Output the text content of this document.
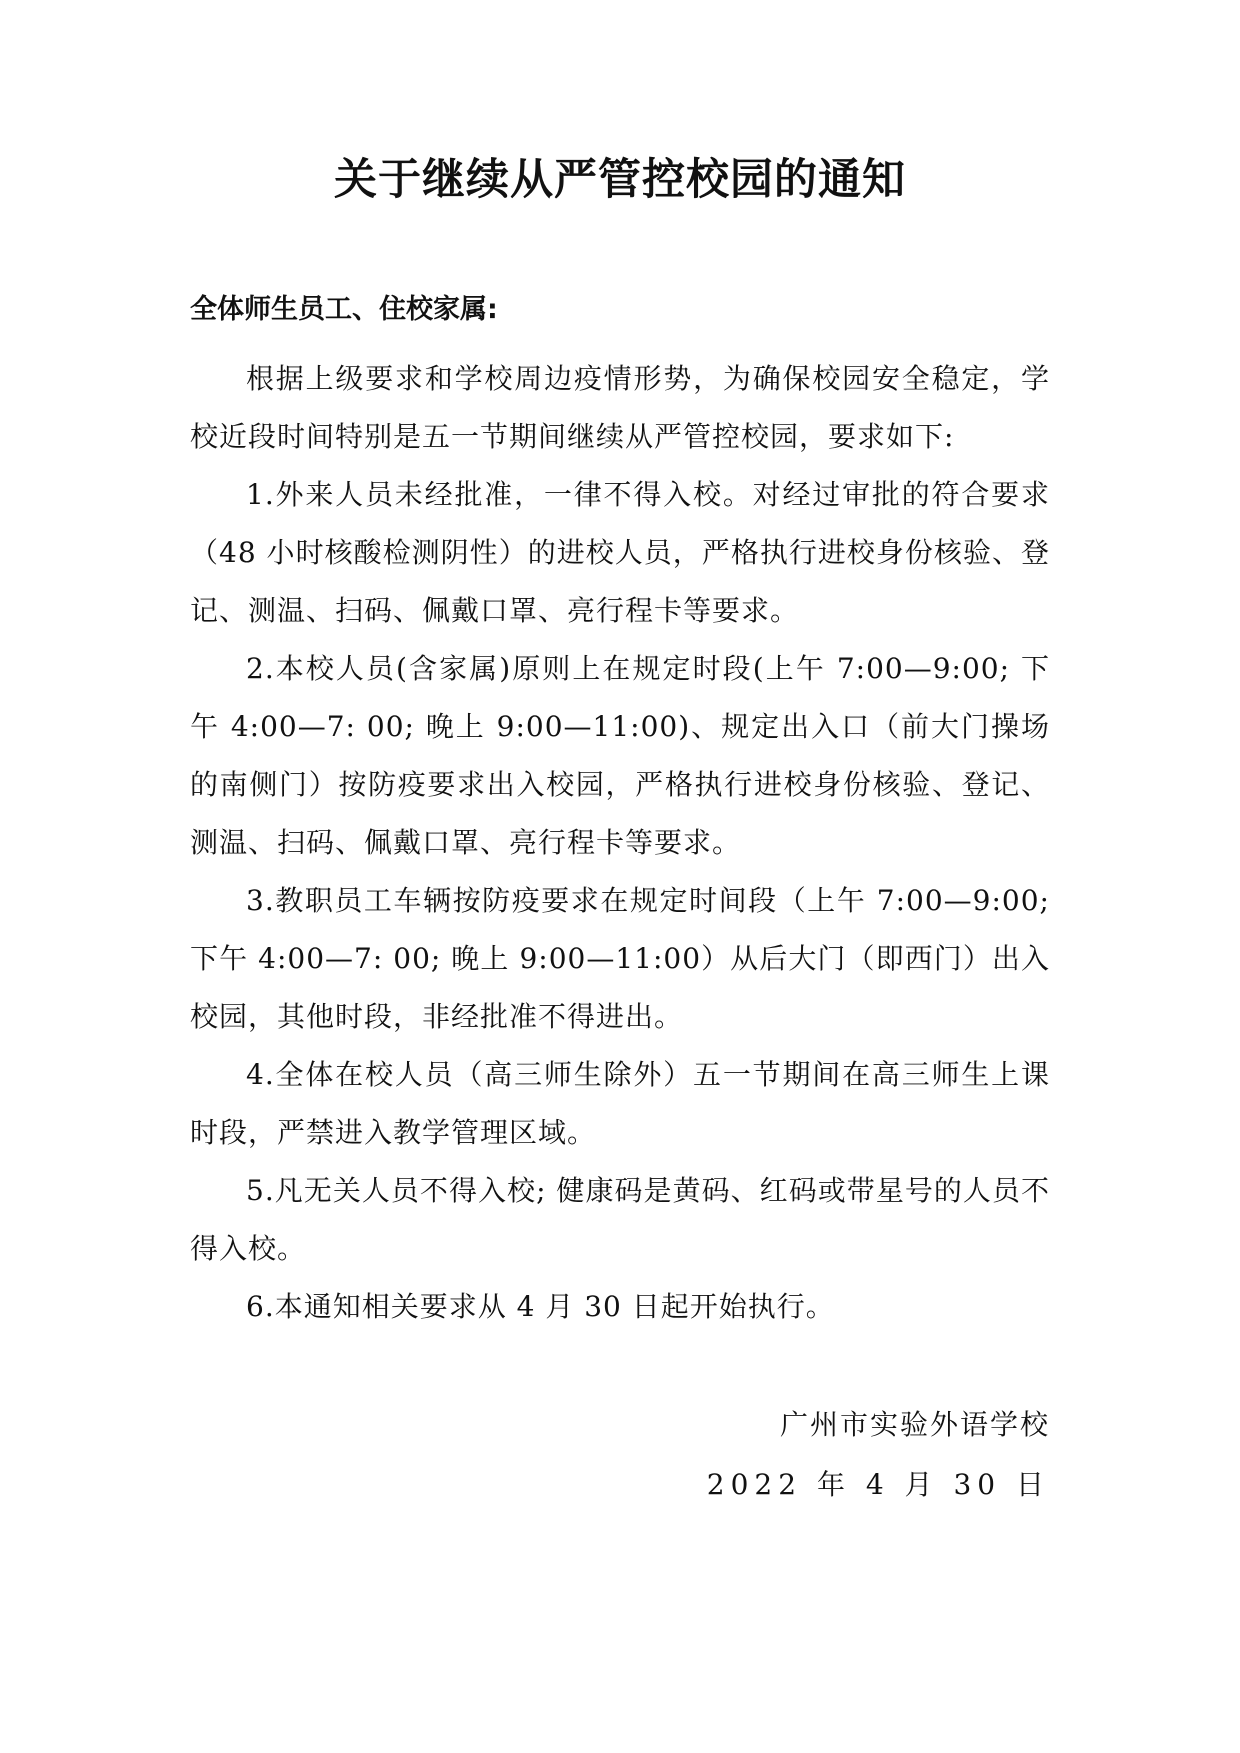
关于继续从严管控校园的通知

全体师生员工、住校家属:

根据上级要求和学校周边疫情形势，为确保校园安全稳定，学校近段时间特别是五一节期间继续从严管控校园，要求如下:

1.外来人员未经批准，一律不得入校。对经过审批的符合要求（48 小时核酸检测阴性）的进校人员，严格执行进校身份核验、登记、测温、扫码、佩戴口罩、亮行程卡等要求。

2.本校人员(含家属)原则上在规定时段(上午 7:00—9:00; 下午 4:00—7: 00; 晚上 9:00—11:00)、规定出入口（前大门操场的南侧门）按防疫要求出入校园，严格执行进校身份核验、登记、测温、扫码、佩戴口罩、亮行程卡等要求。

3.教职员工车辆按防疫要求在规定时间段（上午 7:00—9:00; 下午 4:00—7: 00; 晚上 9:00—11:00）从后大门（即西门）出入校园，其他时段，非经批准不得进出。

4.全体在校人员（高三师生除外）五一节期间在高三师生上课时段，严禁进入教学管理区域。

5.凡无关人员不得入校; 健康码是黄码、红码或带星号的人员不得入校。

6.本通知相关要求从 4 月 30 日起开始执行。

广州市实验外语学校
2022 年 4 月 30 日
